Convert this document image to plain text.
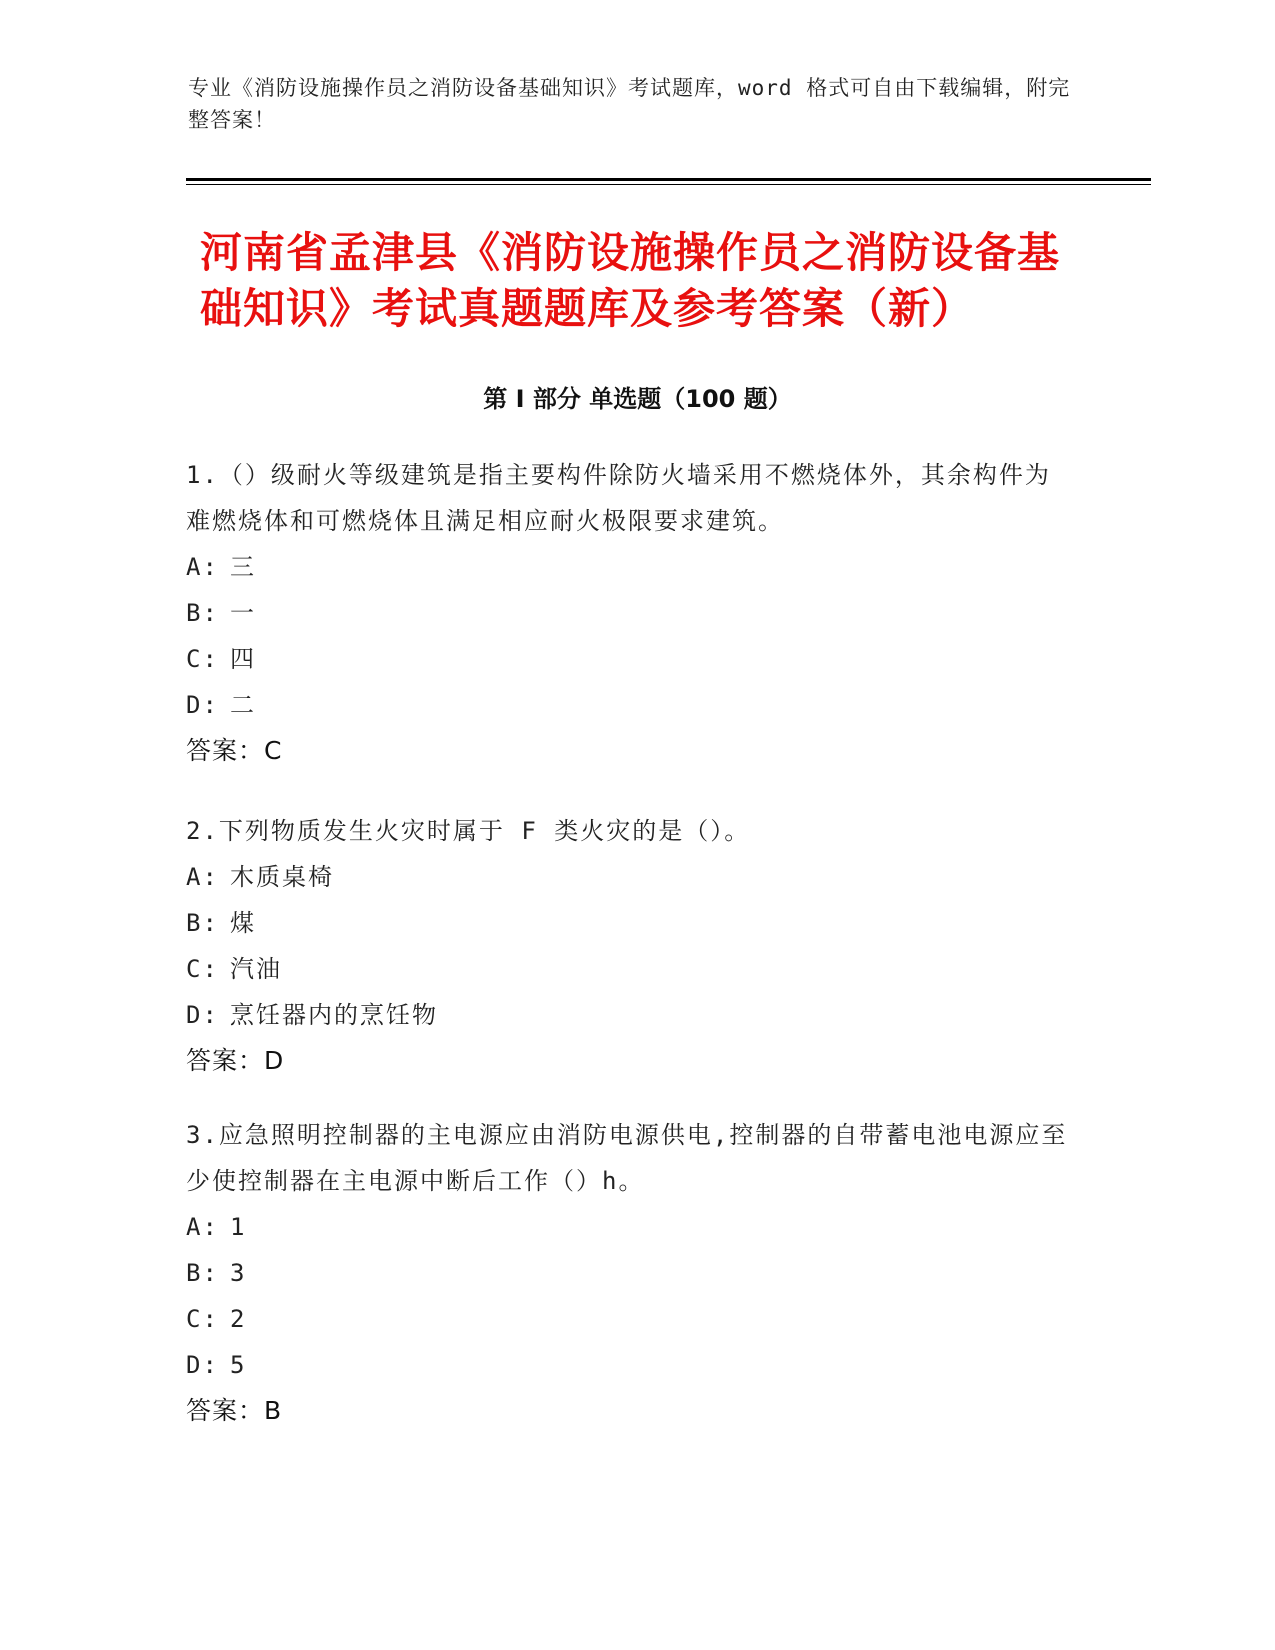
专业《消防设施操作员之消防设备基础知识》考试题库，word 格式可自由下载编辑，附完整答案！
河南省孟津县《消防设施操作员之消防设备基础知识》考试真题题库及参考答案（新）
第 I 部分 单选题（100 题）
1.（）级耐火等级建筑是指主要构件除防火墙采用不燃烧体外，其余构件为难燃烧体和可燃烧体且满足相应耐火极限要求建筑。
A: 三
B: 一
C: 四
D: 二
答案：C
2.下列物质发生火灾时属于 F 类火灾的是（）。
A: 木质桌椅
B: 煤
C: 汽油
D: 烹饪器内的烹饪物
答案：D
3.应急照明控制器的主电源应由消防电源供电,控制器的自带蓄电池电源应至少使控制器在主电源中断后工作（）h。
A: 1
B: 3
C: 2
D: 5
答案：B
